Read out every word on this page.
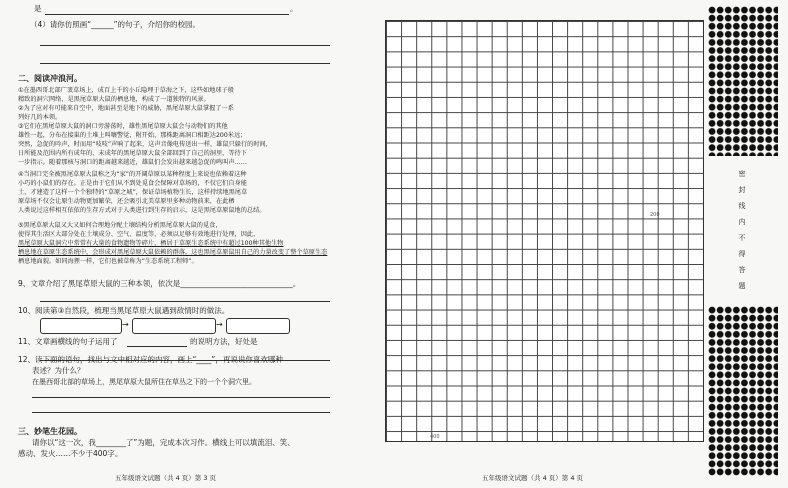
是	。
（4）请你仿照画“______”的句子，介绍你的校园。
二、阅读冲浪河。
①在墨西哥北部广袤草场上，成百上千的小丘隐埋于草海之下，这些如地球子般
精致的洞穴网络，是黑尾草原大鼠的栖息地，构成了一道独特的风景。
②为了应对有可能来自空中，地面甚至是地下的威胁，黑尾草原大鼠掌握了一系
列好几的本领。
③它们在黑尾草原大鼠的洞口旁游荡时，雄性黑尾草原大鼠会与动物们的其他
雄性一起，分布在接巢的土堆上叫嚷警觉，附开始，那株距离洞口相距达200米远；
突然，急促的吟声，时而用“吱吱”声响了起来，这声音像电传送出一样，雄鼠只躲行的时间，
日所能及范围内所有成年的、未成年的黑尾草原大鼠全部回到了自己的洞里，等待下
一步指示。随着那核与洞口的距离越来越近，雄鼠们会发出越来越急促的鸣叫声……
④当洞口完全被黑尾草原大鼠称之为“家”的开阔草原以某种程度上来说也依赖着这种
小巧的小鼠们的存在。正是由于它们从不到处觅食会保障对草场的，不仅它们自身能
土，才建造了这样一个个独特的“草原之城”，保证草场植物生长，这样持续地黑尾草
原草场不仅会让原生动物更加繁荣，还会吸引北美草原里多种动物前来，在此栖
人类说过这样相互依依的生存方式对于人类进行到生存的启示，这是黑尾草原鼠地的总结。
⑤黑尾草原大鼠又大又如何合理地分配土壤结构分析黑尾草原大鼠的觅食，
使得其生活区大部分处在土壤成分、空气、温度等，必须以足够有效地进行处理，因此，
黑尾草原大鼠洞穴中常常有大量的食物遗物等碎片，栖居于草原生态系统中有超过100种其他生物
栖息地在草原生态系统中，会形成对黑尾草原大鼠依赖的群落，这也黑尾草原鼠用自己的力量改变了整个草原生态
栖息地面貌。如同海狸一样，它们也被草称为“生态系统工程师”。
9、文章介绍了黑尾草原大鼠的三种本领，依次是______________________________。
10、阅读第③自然段，梳理当黑尾草原大鼠遇到敌情时的做法。
→	→
11、文章画横线的句子运用了	的说明方法，好处是
12、读下面的语句，找出与文中相对应的内容，画上“____”，再说说你喜欢哪种
表述？为什么？
在墨西哥北部的草场上，黑尾草原大鼠所住在草丛之下的一个个洞穴里。
三、妙笔生花园。
请你以“这一次，我________了”为题，完成本次习作。横线上可以填流泪、笑、
感动、发火……不少于400字。
五年级语文试题（共 4 页）第 3 页	五年级语文试题（共 4 页）第 4 页
200
400
密
封
线
内
不
得
答
题
